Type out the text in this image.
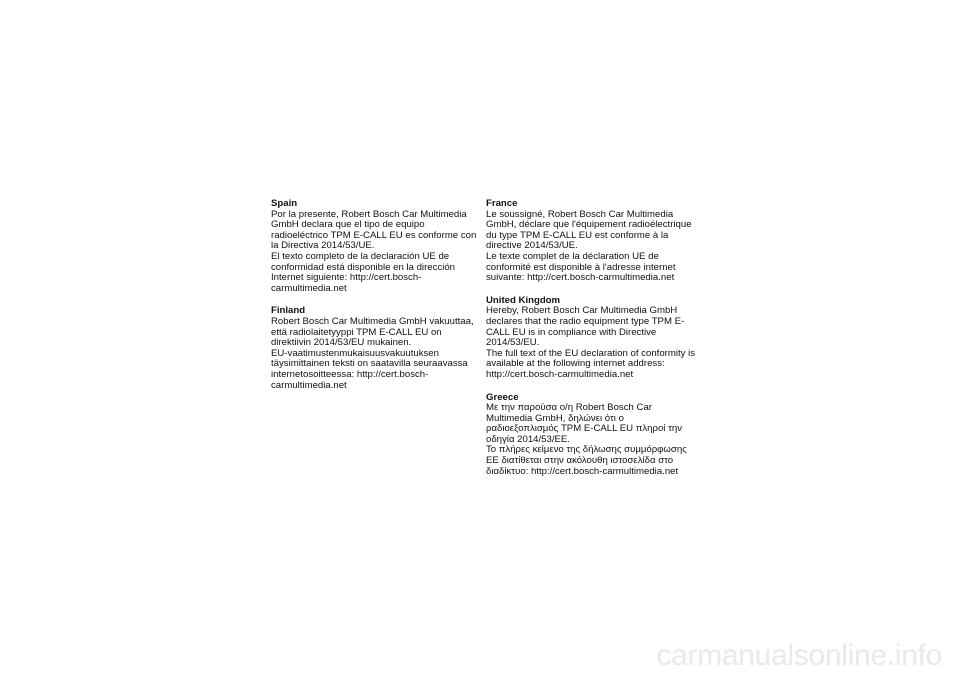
Spain

Por la presente, Robert Bosch Car Multimedia

GmbH declara que el tipo de equipo

radioeléctrico TPM E-CALL EU es conforme con

la Directiva 2014/53/UE.

El texto completo de la declaración UE de

conformidad está disponible en la dirección

Internet siguiente: http://cert.bosch-

carmultimedia.net

Finland

Robert Bosch Car Multimedia GmbH vakuuttaa,

että radiolaitetyyppi TPM E-CALL EU on

direktiivin 2014/53/EU mukainen.

EU-vaatimustenmukaisuusvakuutuksen

täysimittainen teksti on saatavilla seuraavassa

internetosoitteessa: http://cert.bosch-

carmultimedia.net

France

Le soussigné, Robert Bosch Car Multimedia

GmbH, déclare que l'équipement radioélectrique

du type TPM E-CALL EU est conforme à la

directive 2014/53/UE.

Le texte complet de la déclaration UE de

conformité est disponible à l'adresse internet

suivante: http://cert.bosch-carmultimedia.net

United Kingdom

Hereby, Robert Bosch Car Multimedia GmbH

declares that the radio equipment type TPM E-

CALL EU is in compliance with Directive

2014/53/EU.

The full text of the EU declaration of conformity is

available at the following internet address:

http://cert.bosch-carmultimedia.net

Greece

Με την παρούσα ο/η Robert Bosch Car

Multimedia GmbH, δηλώνει ότι ο

ραδιοεξοπλισμός TPM E-CALL EU πληροί την

οδηγία 2014/53/ΕΕ.

Το πλήρες κείμενο της δήλωσης συμμόρφωσης

ΕΕ διατίθεται στην ακόλουθη ιστοσελίδα στο

διαδίκτυο: http://cert.bosch-carmultimedia.net

carmanualsonline.info
